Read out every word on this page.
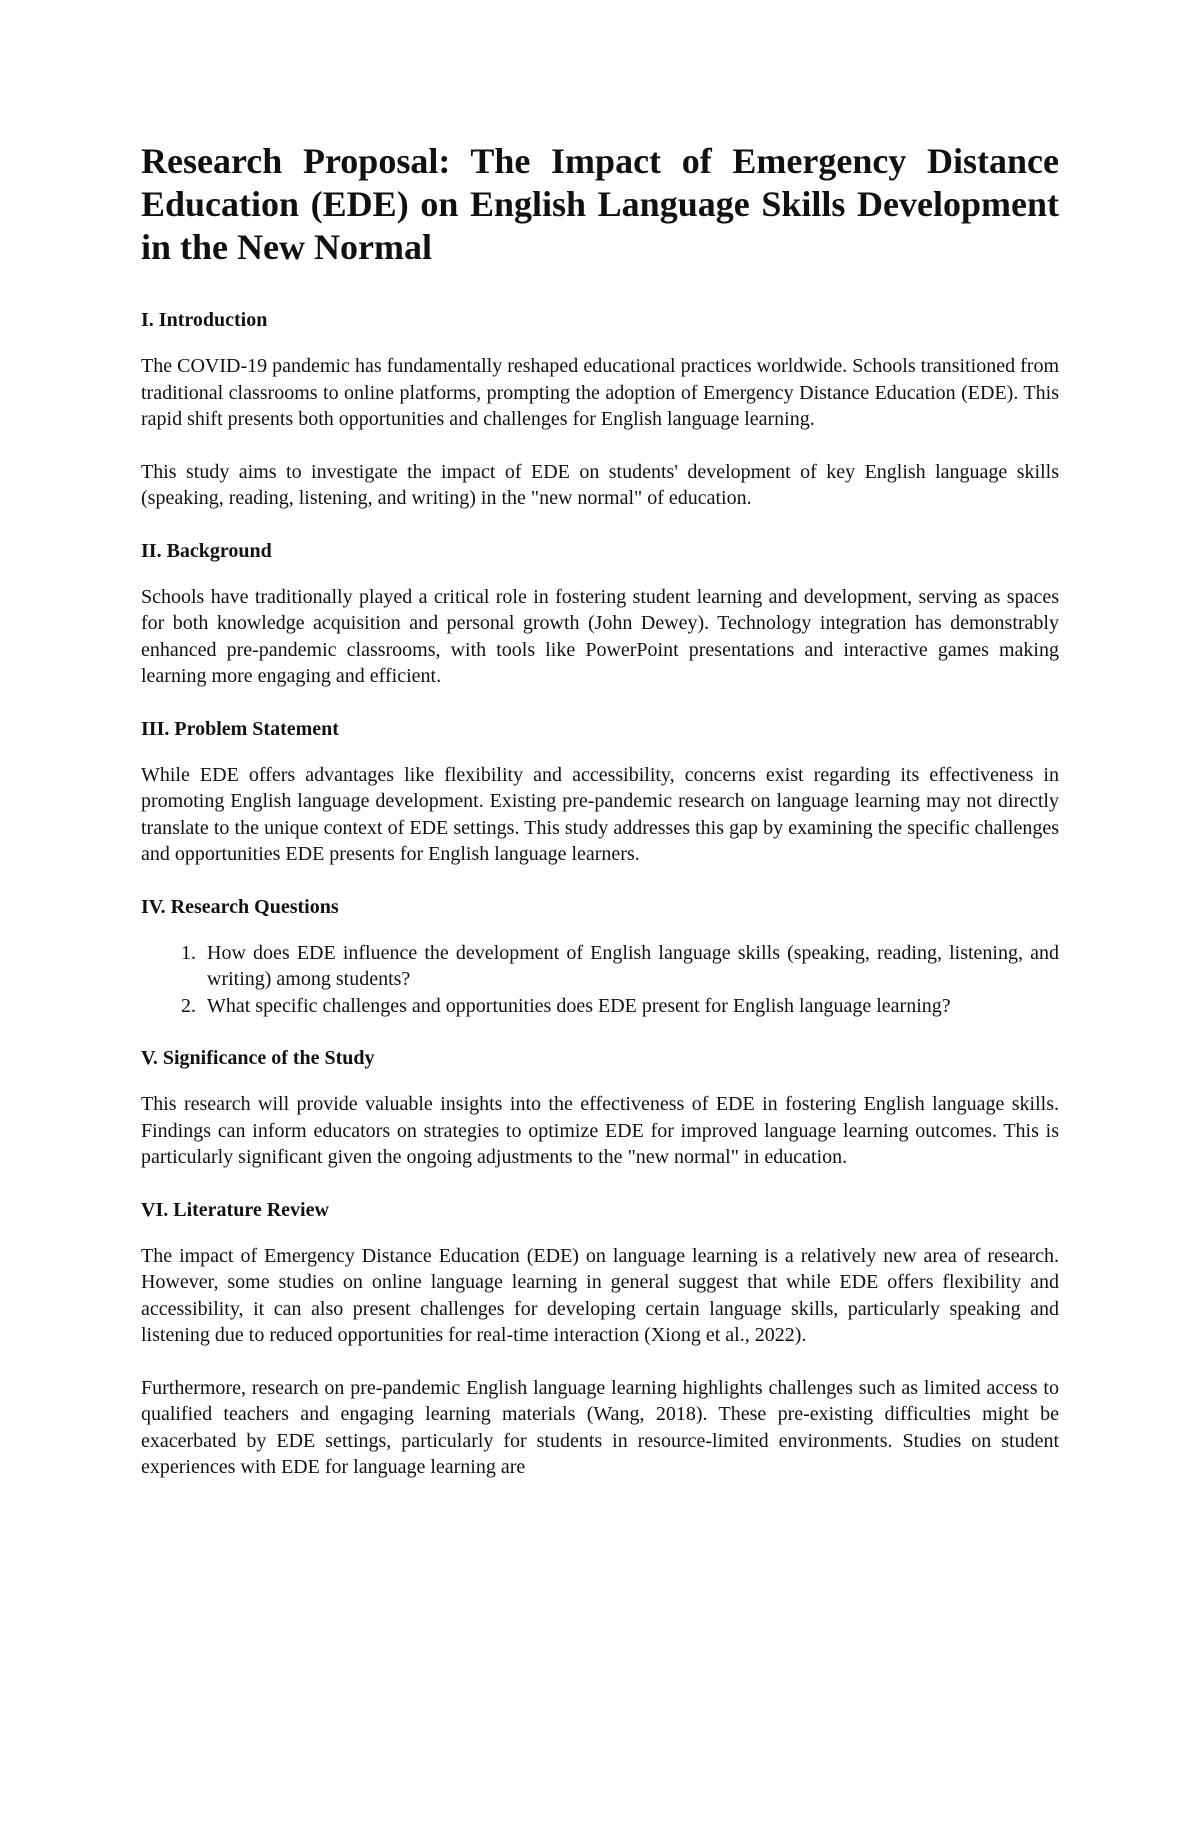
Research Proposal: The Impact of Emergency Distance Education (EDE) on English Language Skills Development in the New Normal
I. Introduction

The COVID-19 pandemic has fundamentally reshaped educational practices worldwide. Schools transitioned from traditional classrooms to online platforms, prompting the adoption of Emergency Distance Education (EDE). This rapid shift presents both opportunities and challenges for English language learning.

This study aims to investigate the impact of EDE on students' development of key English language skills (speaking, reading, listening, and writing) in the "new normal" of education.

II. Background

Schools have traditionally played a critical role in fostering student learning and development, serving as spaces for both knowledge acquisition and personal growth (John Dewey). Technology integration has demonstrably enhanced pre-pandemic classrooms, with tools like PowerPoint presentations and interactive games making learning more engaging and efficient.

III. Problem Statement

While EDE offers advantages like flexibility and accessibility, concerns exist regarding its effectiveness in promoting English language development. Existing pre-pandemic research on language learning may not directly translate to the unique context of EDE settings. This study addresses this gap by examining the specific challenges and opportunities EDE presents for English language learners.

IV. Research Questions
1. How does EDE influence the development of English language skills (speaking, reading, listening, and writing) among students?
2. What specific challenges and opportunities does EDE present for English language learning?
V. Significance of the Study

This research will provide valuable insights into the effectiveness of EDE in fostering English language skills. Findings can inform educators on strategies to optimize EDE for improved language learning outcomes. This is particularly significant given the ongoing adjustments to the "new normal" in education.

VI. Literature Review

The impact of Emergency Distance Education (EDE) on language learning is a relatively new area of research. However, some studies on online language learning in general suggest that while EDE offers flexibility and accessibility, it can also present challenges for developing certain language skills, particularly speaking and listening due to reduced opportunities for real-time interaction (Xiong et al., 2022).

Furthermore, research on pre-pandemic English language learning highlights challenges such as limited access to qualified teachers and engaging learning materials (Wang, 2018). These pre-existing difficulties might be exacerbated by EDE settings, particularly for students in resource-limited environments. Studies on student experiences with EDE for language learning are
